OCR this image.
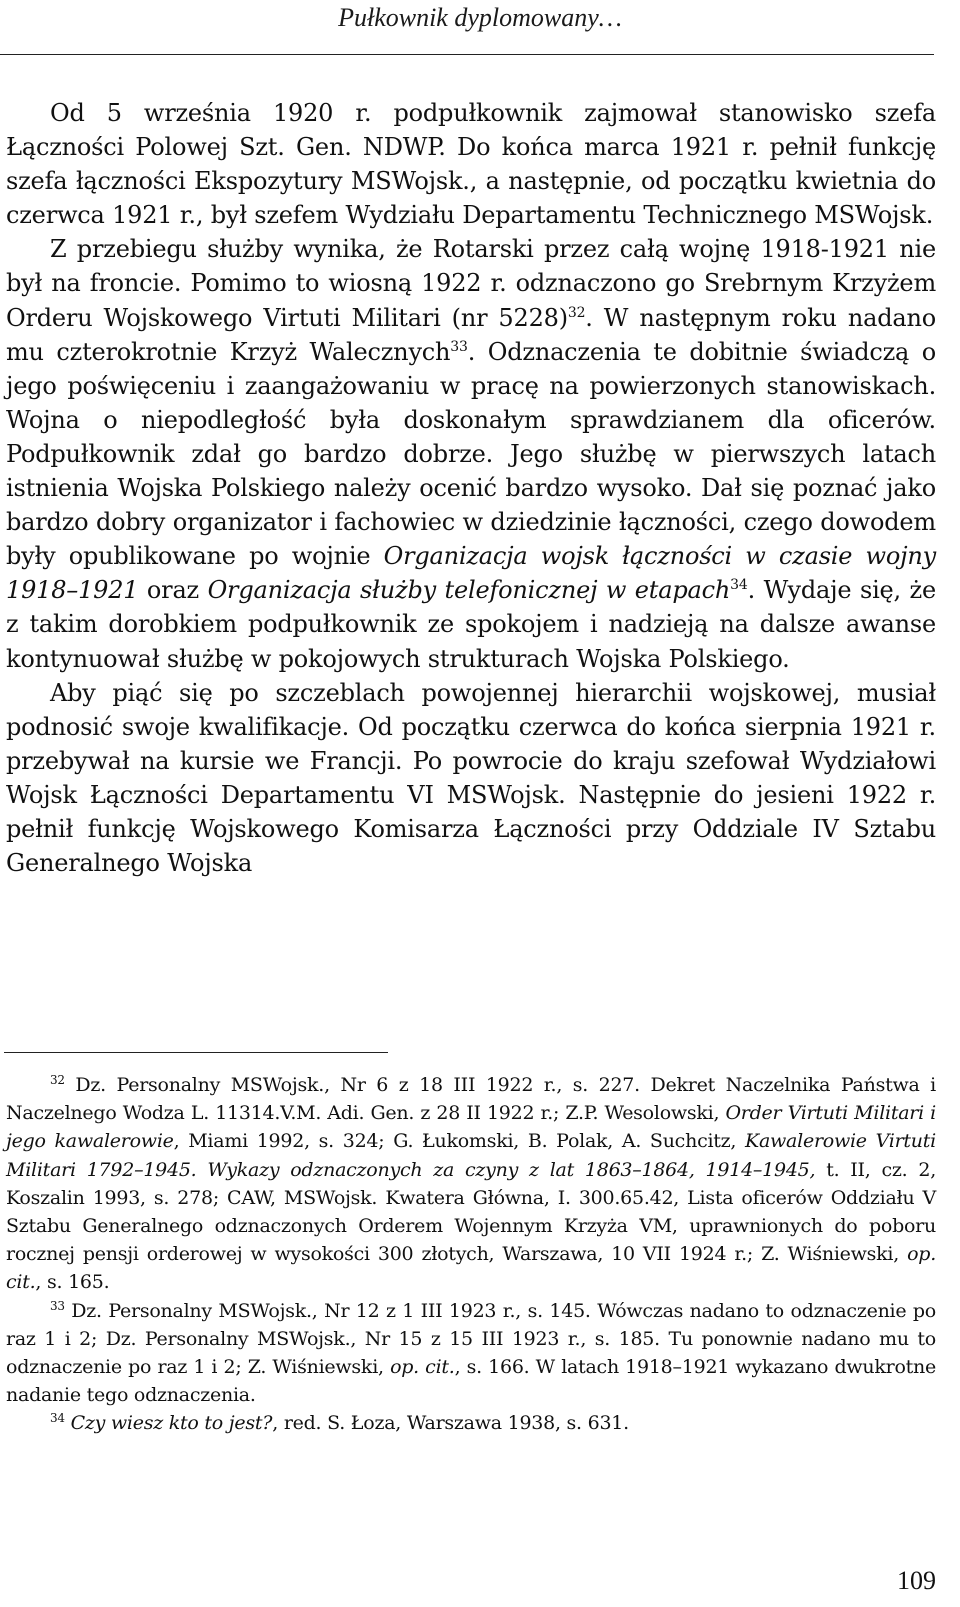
Pułkownik dyplomowany…

Od 5 września 1920 r. podpułkownik zajmował stanowisko szefa Łączności Polowej Szt. Gen. NDWP. Do końca marca 1921 r. pełnił funkcję szefa łączności Ekspozytury MSWojsk., a następnie, od początku kwietnia do czerwca 1921 r., był szefem Wydziału Departamentu Technicznego MSWojsk.

Z przebiegu służby wynika, że Rotarski przez całą wojnę 1918-1921 nie był na froncie. Pomimo to wiosną 1922 r. odznaczono go Srebrnym Krzyżem Orderu Wojskowego Virtuti Militari (nr 5228)$^{32}$. W następnym roku nadano mu czterokrotnie Krzyż Walecznych$^{33}$. Odznaczenia te dobitnie świadczą o jego poświęceniu i zaangażowaniu w pracę na powierzonych stanowiskach. Wojna o niepodległość była doskonałym sprawdzianem dla oficerów. Podpułkownik zdał go bardzo dobrze. Jego służbę w pierwszych latach istnienia Wojska Polskiego należy ocenić bardzo wysoko. Dał się poznać jako bardzo dobry organizator i fachowiec w dziedzinie łączności, czego dowodem były opublikowane po wojnie Organizacja wojsk łączności w czasie wojny 1918–1921 oraz Organizacja służby telefonicznej w etapach$^{34}$. Wydaje się, że z takim dorobkiem podpułkownik ze spokojem i nadzieją na dalsze awanse kontynuował służbę w pokojowych strukturach Wojska Polskiego.

Aby piąć się po szczeblach powojennej hierarchii wojskowej, musiał podnosić swoje kwalifikacje. Od początku czerwca do końca sierpnia 1921 r. przebywał na kursie we Francji. Po powrocie do kraju szefował Wydziałowi Wojsk Łączności Departamentu VI MSWojsk. Następnie do jesieni 1922 r. pełnił funkcję Wojskowego Komisarza Łączności przy Oddziale IV Sztabu Generalnego Wojska

$^{32}$ Dz. Personalny MSWojsk., Nr 6 z 18 III 1922 r., s. 227. Dekret Naczelnika Państwa i Naczelnego Wodza L. 11314.V.M. Adi. Gen. z 28 II 1922 r.; Z.P. Wesolowski, Order Virtuti Militari i jego kawalerowie, Miami 1992, s. 324; G. Łukomski, B. Polak, A. Suchcitz, Kawalerowie Virtuti Militari 1792–1945. Wykazy odznaczonych za czyny z lat 1863–1864, 1914–1945, t. II, cz. 2, Koszalin 1993, s. 278; CAW, MSWojsk. Kwatera Główna, I. 300.65.42, Lista oficerów Oddziału V Sztabu Generalnego odznaczonych Orderem Wojennym Krzyża VM, uprawnionych do poboru rocznej pensji orderowej w wysokości 300 złotych, Warszawa, 10 VII 1924 r.; Z. Wiśniewski, op. cit., s. 165.

$^{33}$ Dz. Personalny MSWojsk., Nr 12 z 1 III 1923 r., s. 145. Wówczas nadano to odznaczenie po raz 1 i 2; Dz. Personalny MSWojsk., Nr 15 z 15 III 1923 r., s. 185. Tu ponownie nadano mu to odznaczenie po raz 1 i 2; Z. Wiśniewski, op. cit., s. 166. W latach 1918–1921 wykazano dwukrotne nadanie tego odznaczenia.

$^{34}$ Czy wiesz kto to jest?, red. S. Łoza, Warszawa 1938, s. 631.

109
